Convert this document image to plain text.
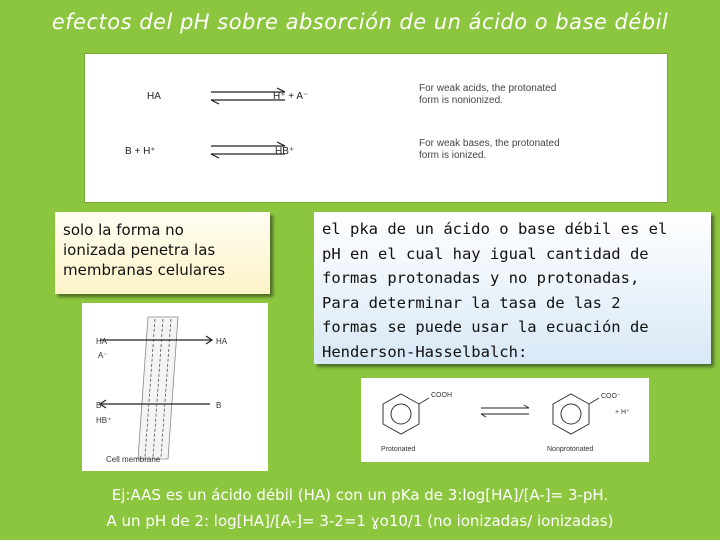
efectos del pH sobre absorción de un ácido o base débil
HA	H⁺ + A⁻
For weak acids, the protonated
form is nonionized.
B + H⁺	HB⁺
For weak bases, the protonated
form is ionized.
solo la forma no
ionizada penetra las
membranas celulares
el pka de un ácido o base débil es el
pH en el cual hay igual cantidad de
formas protonadas y no protonadas,
Para determinar la tasa de las 2
formas se puede usar la ecuación de
Henderson-Hasselbalch:
HA
A⁻
HA
B
HB⁺
B
Cell membrane
COOH	COO⁻
+ H⁺
Protonated	Nonprotonated
Ej:AAS es un ácido débil (HA) con un pKa de 3:log[HA]/[A-]= 3-pH.
A un pH de 2: log[HA]/[A-]= 3-2=1 ɣo10/1 (no ionizadas/ ionizadas)
